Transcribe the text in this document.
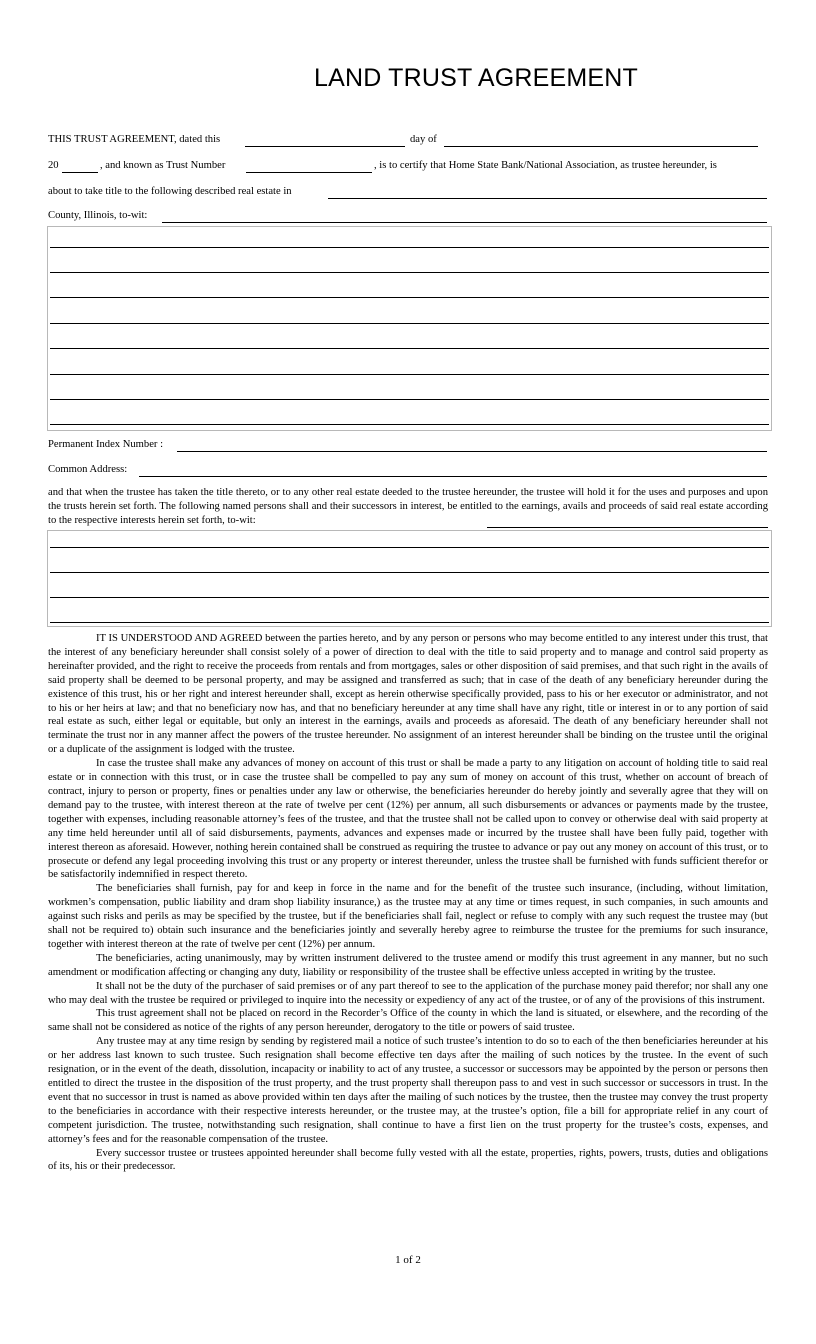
LAND TRUST AGREEMENT
THIS TRUST AGREEMENT, dated this	day of
20	, and known as Trust Number	, is to certify that Home State Bank/National Association, as trustee hereunder, is
about to take title to the following described real estate in
County, Illinois, to-wit:
Permanent Index Number :
Common Address:

and that when the trustee has taken the title thereto, or to any other real estate deeded to the trustee hereunder, the trustee will hold it for the uses and purposes and upon the trusts herein set forth. The following named persons shall and their successors in interest, be entitled to the earnings, avails and proceeds of said real estate according to the respective interests herein set forth, to-wit:

IT IS UNDERSTOOD AND AGREED between the parties hereto, and by any person or persons who may become entitled to any interest under this trust, that the interest of any beneficiary hereunder shall consist solely of a power of direction to deal with the title to said property and to manage and control said property as hereinafter provided, and the right to receive the proceeds from rentals and from mortgages, sales or other disposition of said premises, and that such right in the avails of said property shall be deemed to be personal property, and may be assigned and transferred as such; that in case of the death of any beneficiary hereunder during the existence of this trust, his or her right and interest hereunder shall, except as herein otherwise specifically provided, pass to his or her executor or administrator, and not to his or her heirs at law; and that no beneficiary now has, and that no beneficiary hereunder at any time shall have any right, title or interest in or to any portion of said real estate as such, either legal or equitable, but only an interest in the earnings, avails and proceeds as aforesaid. The death of any beneficiary hereunder shall not terminate the trust nor in any manner affect the powers of the trustee hereunder. No assignment of an interest hereunder shall be binding on the trustee until the original or a duplicate of the assignment is lodged with the trustee.

In case the trustee shall make any advances of money on account of this trust or shall be made a party to any litigation on account of holding title to said real estate or in connection with this trust, or in case the trustee shall be compelled to pay any sum of money on account of this trust, whether on account of breach of contract, injury to person or property, fines or penalties under any law or otherwise, the beneficiaries hereunder do hereby jointly and severally agree that they will on demand pay to the trustee, with interest thereon at the rate of twelve per cent (12%) per annum, all such disbursements or advances or payments made by the trustee, together with expenses, including reasonable attorney’s fees of the trustee, and that the trustee shall not be called upon to convey or otherwise deal with said property at any time held hereunder until all of said disbursements, payments, advances and expenses made or incurred by the trustee shall have been fully paid, together with interest thereon as aforesaid. However, nothing herein contained shall be construed as requiring the trustee to advance or pay out any money on account of this trust, or to prosecute or defend any legal proceeding involving this trust or any property or interest thereunder, unless the trustee shall be furnished with funds sufficient therefor or be satisfactorily indemnified in respect thereto.

The beneficiaries shall furnish, pay for and keep in force in the name and for the benefit of the trustee such insurance, (including, without limitation, workmen’s compensation, public liability and dram shop liability insurance,) as the trustee may at any time or times request, in such companies, in such amounts and against such risks and perils as may be specified by the trustee, but if the beneficiaries shall fail, neglect or refuse to comply with any such request the trustee may (but shall not be required to) obtain such insurance and the beneficiaries jointly and severally hereby agree to reimburse the trustee for the premiums for such insurance, together with interest thereon at the rate of twelve per cent (12%) per annum.

The beneficiaries, acting unanimously, may by written instrument delivered to the trustee amend or modify this trust agreement in any manner, but no such amendment or modification affecting or changing any duty, liability or responsibility of the trustee shall be effective unless accepted in writing by the trustee.

It shall not be the duty of the purchaser of said premises or of any part thereof to see to the application of the purchase money paid therefor; nor shall any one who may deal with the trustee be required or privileged to inquire into the necessity or expediency of any act of the trustee, or of any of the provisions of this instrument.

This trust agreement shall not be placed on record in the Recorder’s Office of the county in which the land is situated, or elsewhere, and the recording of the same shall not be considered as notice of the rights of any person hereunder, derogatory to the title or powers of said trustee.

Any trustee may at any time resign by sending by registered mail a notice of such trustee’s intention to do so to each of the then beneficiaries hereunder at his or her address last known to such trustee. Such resignation shall become effective ten days after the mailing of such notices by the trustee. In the event of such resignation, or in the event of the death, dissolution, incapacity or inability to act of any trustee, a successor or successors may be appointed by the person or persons then entitled to direct the trustee in the disposition of the trust property, and the trust property shall thereupon pass to and vest in such successor or successors in trust. In the event that no successor in trust is named as above provided within ten days after the mailing of such notices by the trustee, then the trustee may convey the trust property to the beneficiaries in accordance with their respective interests hereunder, or the trustee may, at the trustee’s option, file a bill for appropriate relief in any court of competent jurisdiction. The trustee, notwithstanding such resignation, shall continue to have a first lien on the trust property for the trustee’s costs, expenses, and attorney’s fees and for the reasonable compensation of the trustee.

Every successor trustee or trustees appointed hereunder shall become fully vested with all the estate, properties, rights, powers, trusts, duties and obligations of its, his or their predecessor.

1 of 2
